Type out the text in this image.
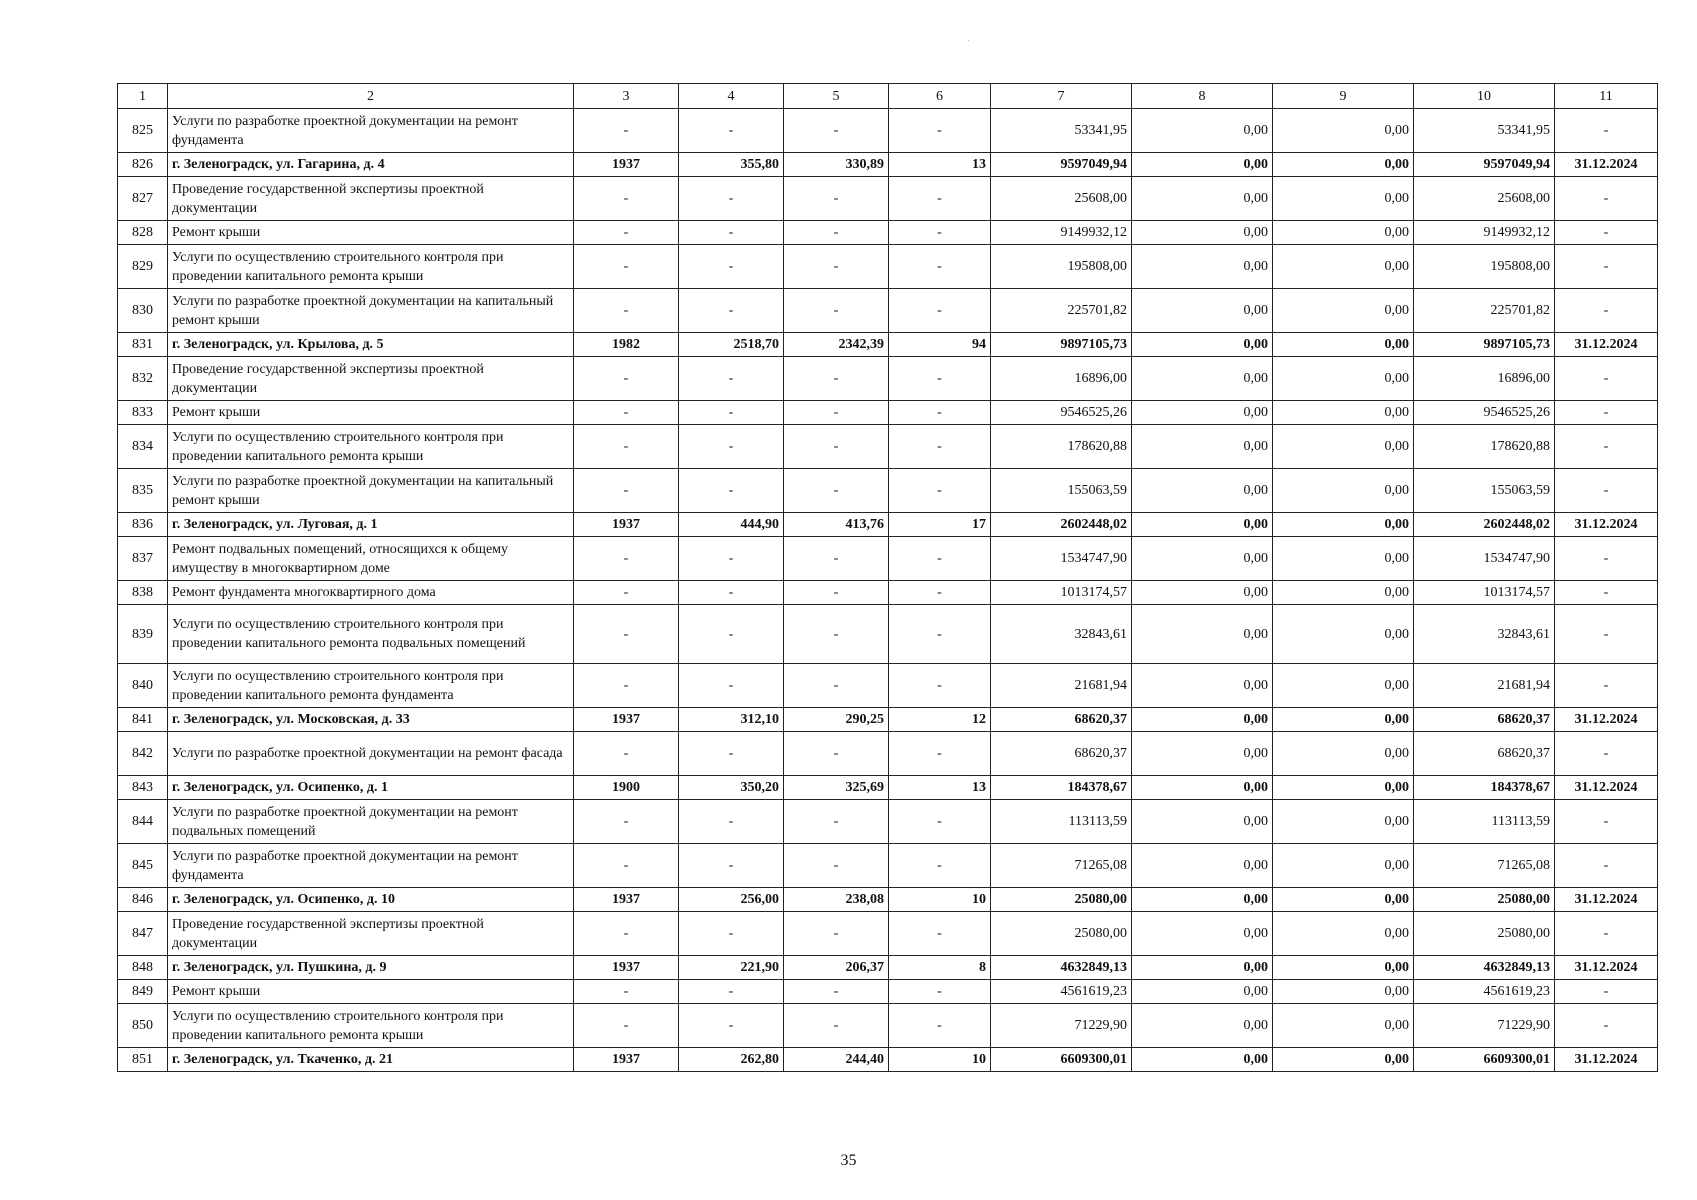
1	2	3	4	5	6	7	8	9	10	11
825	Услуги по разработке проектной документации на ремонт фундамента	-	-	-	-	53341,95	0,00	0,00	53341,95	-
826	г. Зеленоградск, ул. Гагарина, д. 4	1937	355,80	330,89	13	9597049,94	0,00	0,00	9597049,94	31.12.2024
827	Проведение государственной экспертизы проектной документации	-	-	-	-	25608,00	0,00	0,00	25608,00	-
828	Ремонт крыши	-	-	-	-	9149932,12	0,00	0,00	9149932,12	-
829	Услуги по осуществлению строительного контроля при проведении капитального ремонта крыши	-	-	-	-	195808,00	0,00	0,00	195808,00	-
830	Услуги по разработке проектной документации на капитальный ремонт крыши	-	-	-	-	225701,82	0,00	0,00	225701,82	-
831	г. Зеленоградск, ул. Крылова, д. 5	1982	2518,70	2342,39	94	9897105,73	0,00	0,00	9897105,73	31.12.2024
832	Проведение государственной экспертизы проектной документации	-	-	-	-	16896,00	0,00	0,00	16896,00	-
833	Ремонт крыши	-	-	-	-	9546525,26	0,00	0,00	9546525,26	-
834	Услуги по осуществлению строительного контроля при проведении капитального ремонта крыши	-	-	-	-	178620,88	0,00	0,00	178620,88	-
835	Услуги по разработке проектной документации на капитальный ремонт крыши	-	-	-	-	155063,59	0,00	0,00	155063,59	-
836	г. Зеленоградск, ул. Луговая, д. 1	1937	444,90	413,76	17	2602448,02	0,00	0,00	2602448,02	31.12.2024
837	Ремонт подвальных помещений, относящихся к общему имуществу в многоквартирном доме	-	-	-	-	1534747,90	0,00	0,00	1534747,90	-
838	Ремонт фундамента многоквартирного дома	-	-	-	-	1013174,57	0,00	0,00	1013174,57	-
839	Услуги по осуществлению строительного контроля при проведении капитального ремонта подвальных помещений	-	-	-	-	32843,61	0,00	0,00	32843,61	-
840	Услуги по осуществлению строительного контроля при проведении капитального ремонта фундамента	-	-	-	-	21681,94	0,00	0,00	21681,94	-
841	г. Зеленоградск, ул. Московская, д. 33	1937	312,10	290,25	12	68620,37	0,00	0,00	68620,37	31.12.2024
842	Услуги по разработке проектной документации на ремонт фасада	-	-	-	-	68620,37	0,00	0,00	68620,37	-
843	г. Зеленоградск, ул. Осипенко, д. 1	1900	350,20	325,69	13	184378,67	0,00	0,00	184378,67	31.12.2024
844	Услуги по разработке проектной документации на ремонт подвальных помещений	-	-	-	-	113113,59	0,00	0,00	113113,59	-
845	Услуги по разработке проектной документации на ремонт фундамента	-	-	-	-	71265,08	0,00	0,00	71265,08	-
846	г. Зеленоградск, ул. Осипенко, д. 10	1937	256,00	238,08	10	25080,00	0,00	0,00	25080,00	31.12.2024
847	Проведение государственной экспертизы проектной документации	-	-	-	-	25080,00	0,00	0,00	25080,00	-
848	г. Зеленоградск, ул. Пушкина, д. 9	1937	221,90	206,37	8	4632849,13	0,00	0,00	4632849,13	31.12.2024
849	Ремонт крыши	-	-	-	-	4561619,23	0,00	0,00	4561619,23	-
850	Услуги по осуществлению строительного контроля при проведении капитального ремонта крыши	-	-	-	-	71229,90	0,00	0,00	71229,90	-
851	г. Зеленоградск, ул. Ткаченко, д. 21	1937	262,80	244,40	10	6609300,01	0,00	0,00	6609300,01	31.12.2024
35
